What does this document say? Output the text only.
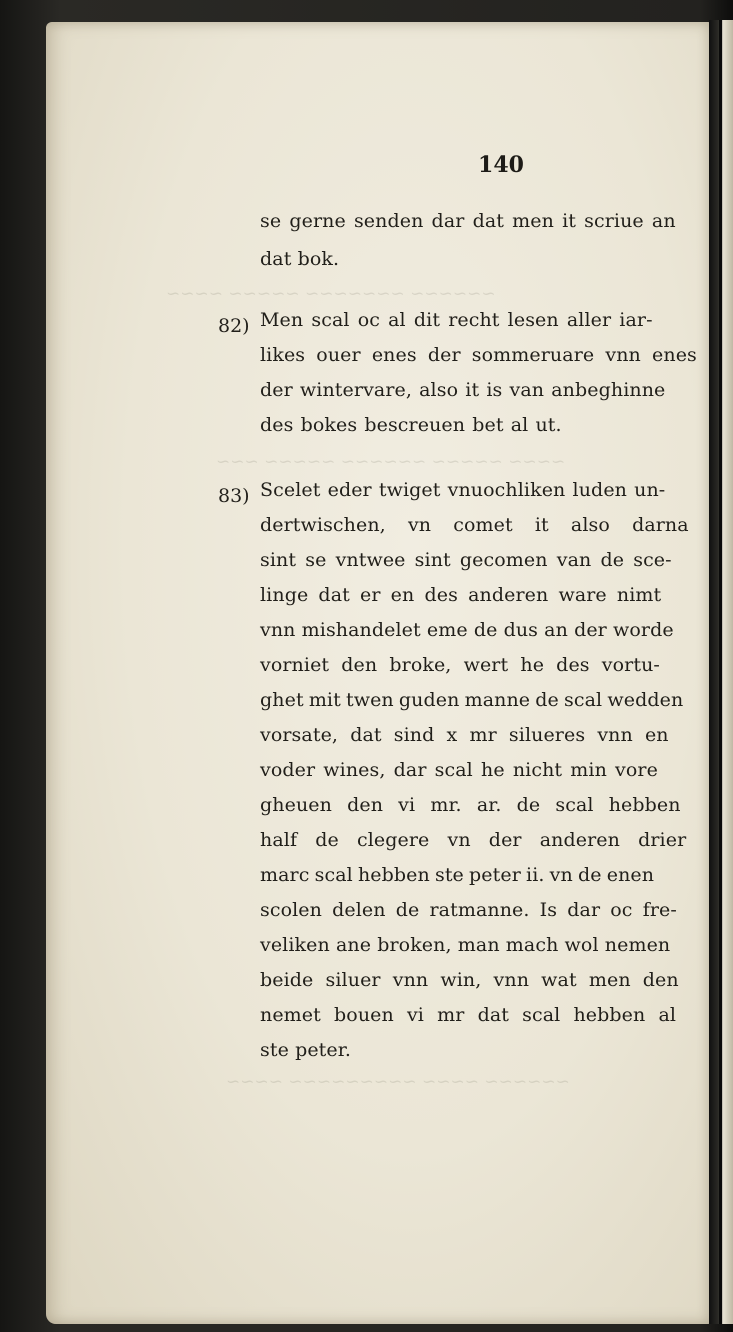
~~~~~~ ~~~~~~~ ~~~~~ ~~~~
~~~~ ~~~~~ ~~~~~~ ~~~~~ ~~~
~~~~~~ ~~~~ ~~~~~~~~~ ~~~~
140
se gerne senden dar dat men it scriue an
dat bok.
82) Men scal oc al dit recht lesen aller iar-
likes ouer enes der sommeruare vnn enes
der wintervare, also it is van anbeghinne
des bokes bescreuen bet al ut.
83) Scelet eder twiget vnuochliken luden un-
dertwischen, vn comet it also darna
sint se vntwee sint gecomen van de sce-
linge dat er en des anderen ware nimt
vnn mishandelet eme de dus an der worde
vorniet den broke, wert he des vortu-
ghet mit twen guden manne de scal wedden
vorsate, dat sind x mr silueres vnn en
voder wines, dar scal he nicht min vore
gheuen den vi mr. ar. de scal hebben
half de clegere vn der anderen drier
marc scal hebben ste peter ii. vn de enen
scolen delen de ratmanne. Is dar oc fre-
veliken ane broken, man mach wol nemen
beide siluer vnn win, vnn wat men den
nemet bouen vi mr dat scal hebben al
ste peter.
